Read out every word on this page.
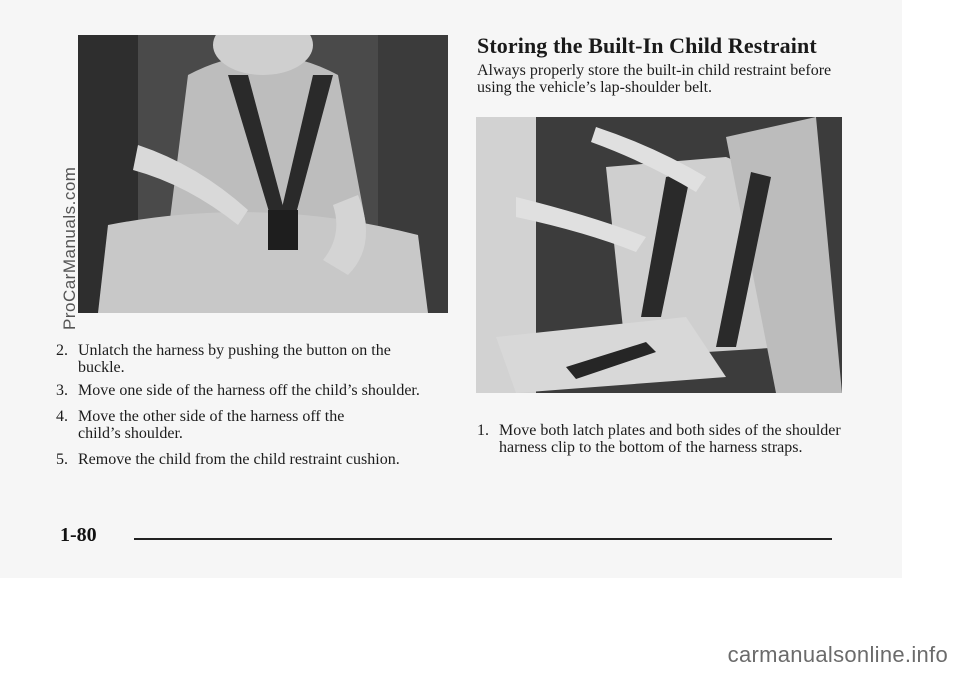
Storing the Built-In Child Restraint
Always properly store the built-in child restraint before using the vehicle’s lap-shoulder belt.
2. Unlatch the harness by pushing the button on the buckle.
3. Move one side of the harness off the child’s shoulder.
4. Move the other side of the harness off the child’s shoulder.
5. Remove the child from the child restraint cushion.
1. Move both latch plates and both sides of the shoulder harness clip to the bottom of the harness straps.
1-80
ProCarManuals.com
carmanualsonline.info
